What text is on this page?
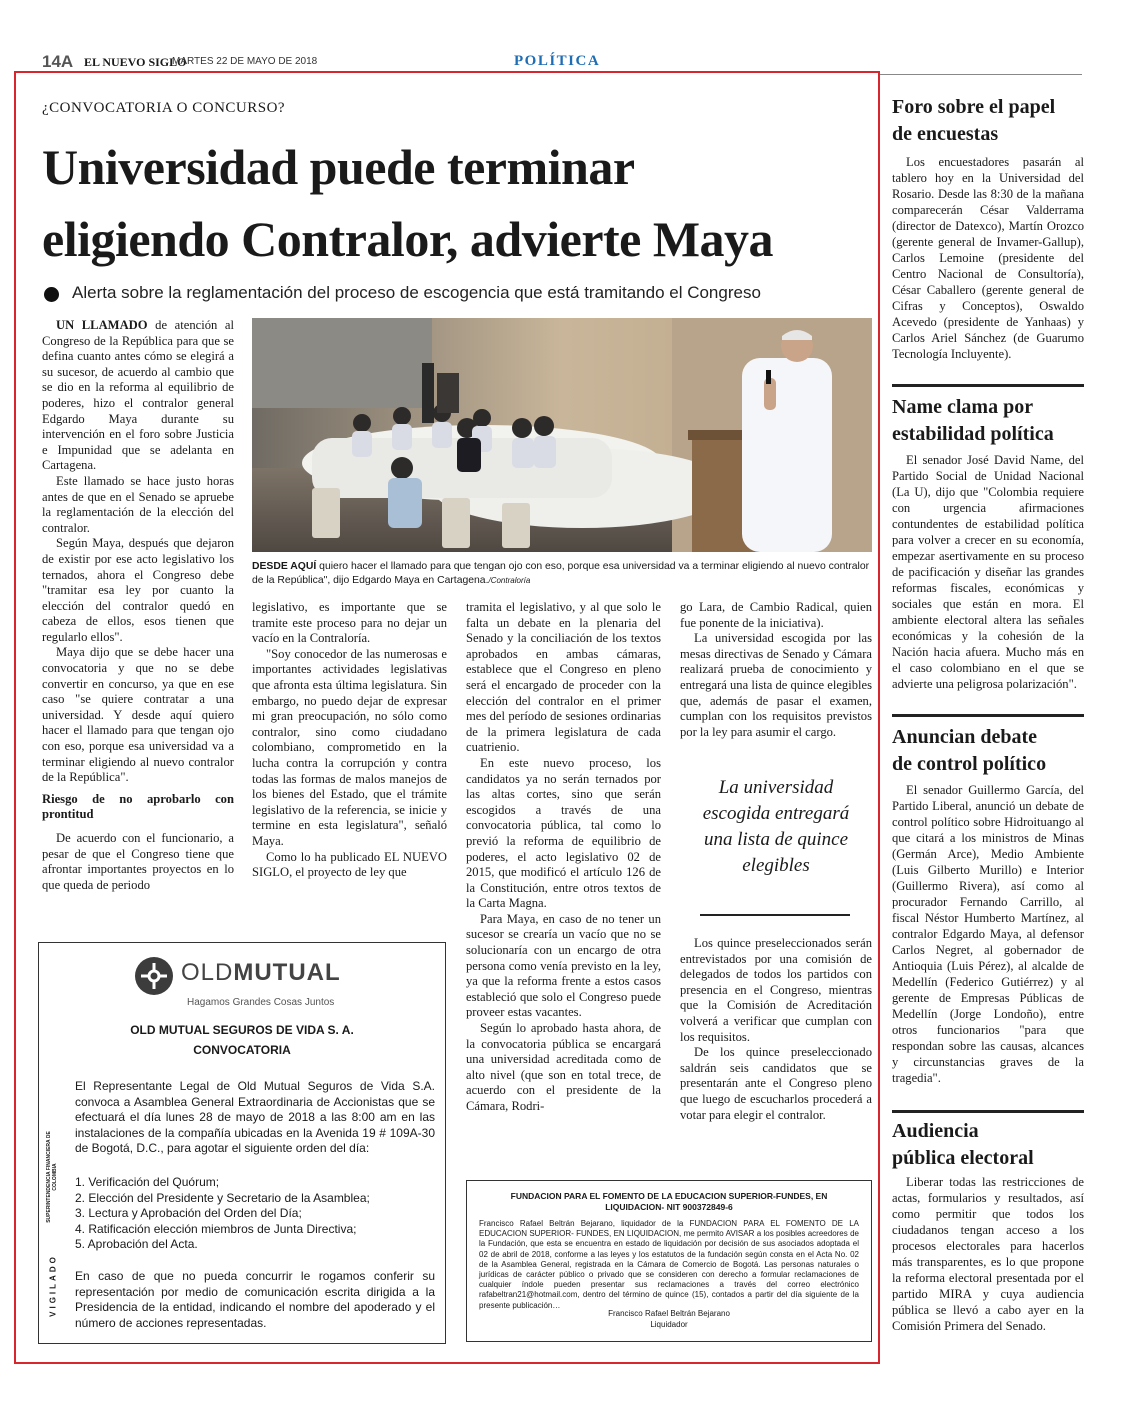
14A EL NUEVO SIGLO
MARTES 22 DE MAYO DE 2018	POLÍTICA
¿CONVOCATORIA O CONCURSO?
Universidad puede terminar
eligiendo Contralor, advierte Maya
Alerta sobre la reglamentación del proceso de escogencia que está tramitando el Congreso

UN LLAMADO de atención al Congreso de la República para que se defina cuanto antes cómo se elegirá a su sucesor, de acuerdo al cambio que se dio en la reforma al equilibrio de poderes, hizo el contralor general Edgardo Maya durante su intervención en el foro sobre Justicia e Impunidad que se adelanta en Cartagena.

Este llamado se hace justo horas antes de que en el Senado se apruebe la reglamentación de la elección del contralor.

Según Maya, después que dejaron de existir por ese acto legislativo los ternados, ahora el Congreso debe "tramitar esa ley por cuanto la elección del contralor quedó en cabeza de ellos, esos tienen que regularlo ellos".

Maya dijo que se debe hacer una convocatoria y que no se debe convertir en concurso, ya que en ese caso "se quiere contratar a una universidad. Y desde aquí quiero hacer el llamado para que tengan ojo con eso, porque esa universidad va a terminar eligiendo al nuevo contralor de la República".

Riesgo de no aprobarlo con prontitud

De acuerdo con el funcionario, a pesar de que el Congreso tiene que afrontar importantes proyectos en lo que queda de periodo

DESDE AQUÍ quiero hacer el llamado para que tengan ojo con eso, porque esa universidad va a terminar eligiendo al nuevo contralor de la República", dijo Edgardo Maya en Cartagena./Contraloría

legislativo, es importante que se tramite este proceso para no dejar un vacío en la Contraloría.

"Soy conocedor de las numerosas e importantes actividades legislativas que afronta esta última legislatura. Sin embargo, no puedo dejar de expresar mi gran preocupación, no sólo como contralor, sino como ciudadano colombiano, comprometido en la lucha contra la corrupción y contra todas las formas de malos manejos de los bienes del Estado, que el trámite legislativo de la referencia, se inicie y termine en esta legislatura", señaló Maya.

Como lo ha publicado EL NUEVO SIGLO, el proyecto de ley que

tramita el legislativo, y al que solo le falta un debate en la plenaria del Senado y la conciliación de los textos aprobados en ambas cámaras, establece que el Congreso en pleno será el encargado de proceder con la elección del contralor en el primer mes del período de sesiones ordinarias de la primera legislatura de cada cuatrienio.

En este nuevo proceso, los candidatos ya no serán ternados por las altas cortes, sino que serán escogidos a través de una convocatoria pública, tal como lo previó la reforma de equilibrio de poderes, el acto legislativo 02 de 2015, que modificó el artículo 126 de la Constitución, entre otros textos de la Carta Magna.

Para Maya, en caso de no tener un sucesor se crearía un vacío que no se solucionaría con un encargo de otra persona como venía previsto en la ley, ya que la reforma frente a estos casos estableció que solo el Congreso puede proveer estas vacantes.

Según lo aprobado hasta ahora, de la convocatoria pública se encargará una universidad acreditada como de alto nivel (que son en total trece, de acuerdo con el presidente de la Cámara, Rodri-

go Lara, de Cambio Radical, quien fue ponente de la iniciativa).

La universidad escogida por las mesas directivas de Senado y Cámara realizará prueba de conocimiento y entregará una lista de quince elegibles que, además de pasar el examen, cumplan con los requisitos previstos por la ley para asumir el cargo.

La universidad escogida entregará una lista de quince elegibles

Los quince preseleccionados serán entrevistados por una comisión de delegados de todos los partidos con presencia en el Congreso, mientras que la Comisión de Acreditación volverá a verificar que cumplan con los requisitos.

De los quince preseleccionado saldrán seis candidatos que se presentarán ante el Congreso pleno que luego de escucharlos procederá a votar para elegir el contralor.

VIGILADO
SUPERINTENDENCIA FINANCIERA DE COLOMBIA
OLDMUTUAL
Hagamos Grandes Cosas Juntos
OLD MUTUAL SEGUROS DE VIDA S. A.
CONVOCATORIA
El Representante Legal de Old Mutual Seguros de Vida S.A. convoca a Asamblea General Extraordinaria de Accionistas que se efectuará el día lunes 28 de mayo de 2018 a las 8:00 am en las instalaciones de la compañía ubicadas en la Avenida 19 # 109A-30 de Bogotá, D.C., para agotar el siguiente orden del día:
1. Verificación del Quórum;
2. Elección del Presidente y Secretario de la Asamblea;
3. Lectura y Aprobación del Orden del Día;
4. Ratificación elección miembros de Junta Directiva;
5. Aprobación del Acta.
En caso de que no pueda concurrir le rogamos conferir su representación por medio de comunicación escrita dirigida a la Presidencia de la entidad, indicando el nombre del apoderado y el número de acciones representadas.
FUNDACION PARA EL FOMENTO DE LA EDUCACION SUPERIOR-FUNDES, EN LIQUIDACION- NIT 900372849-6
Francisco Rafael Beltrán Bejarano, liquidador de la FUNDACION PARA EL FOMENTO DE LA EDUCACION SUPERIOR- FUNDES, EN LIQUIDACION, me permito AVISAR a los posibles acreedores de la Fundación, que esta se encuentra en estado de liquidación por decisión de sus asociados adoptada el 02 de abril de 2018, conforme a las leyes y los estatutos de la fundación según consta en el Acta No. 02 de la Asamblea General, registrada en la Cámara de Comercio de Bogotá. Las personas naturales o jurídicas de carácter público o privado que se consideren con derecho a formular reclamaciones de cualquier índole pueden presentar sus reclamaciones a través del correo electrónico rafabeltran21@hotmail.com, dentro del término de quince (15), contados a partir del día siguiente de la presente publicación…
Francisco Rafael Beltrán Bejarano
Liquidador
Foro sobre el papel de encuestas
Los encuestadores pasarán al tablero hoy en la Universidad del Rosario. Desde las 8:30 de la mañana comparecerán César Valderrama (director de Datexco), Martín Orozco (gerente general de Invamer-Gallup), Carlos Lemoine (presidente del Centro Nacional de Consultoría), César Caballero (gerente general de Cifras y Conceptos), Oswaldo Acevedo (presidente de Yanhaas) y Carlos Ariel Sánchez (de Guarumo Tecnología Incluyente).
Name clama por estabilidad política
El senador José David Name, del Partido Social de Unidad Nacional (La U), dijo que "Colombia requiere con urgencia afirmaciones contundentes de estabilidad política para volver a crecer en su economía, empezar asertivamente en su proceso de pacificación y diseñar las grandes reformas fiscales, económicas y sociales que están en mora. El ambiente electoral altera las señales económicas y la cohesión de la Nación hacia afuera. Mucho más en el caso colombiano en el que se advierte una peligrosa polarización".
Anuncian debate de control político
El senador Guillermo García, del Partido Liberal, anunció un debate de control político sobre Hidroituango al que citará a los ministros de Minas (Germán Arce), Medio Ambiente (Luis Gilberto Murillo) e Interior (Guillermo Rivera), así como al procurador Fernando Carrillo, al fiscal Néstor Humberto Martínez, al contralor Edgardo Maya, al defensor Carlos Negret, al gobernador de Antioquia (Luis Pérez), al alcalde de Medellín (Federico Gutiérrez) y al gerente de Empresas Públicas de Medellín (Jorge Londoño), entre otros funcionarios "para que respondan sobre las causas, alcances y circunstancias graves de la tragedia".
Audiencia pública electoral
Liberar todas las restricciones de actas, formularios y resultados, así como permitir que todos los ciudadanos tengan acceso a los procesos electorales para hacerlos más transparentes, es lo que propone la reforma electoral presentada por el partido MIRA y cuya audiencia pública se llevó a cabo ayer en la Comisión Primera del Senado.
